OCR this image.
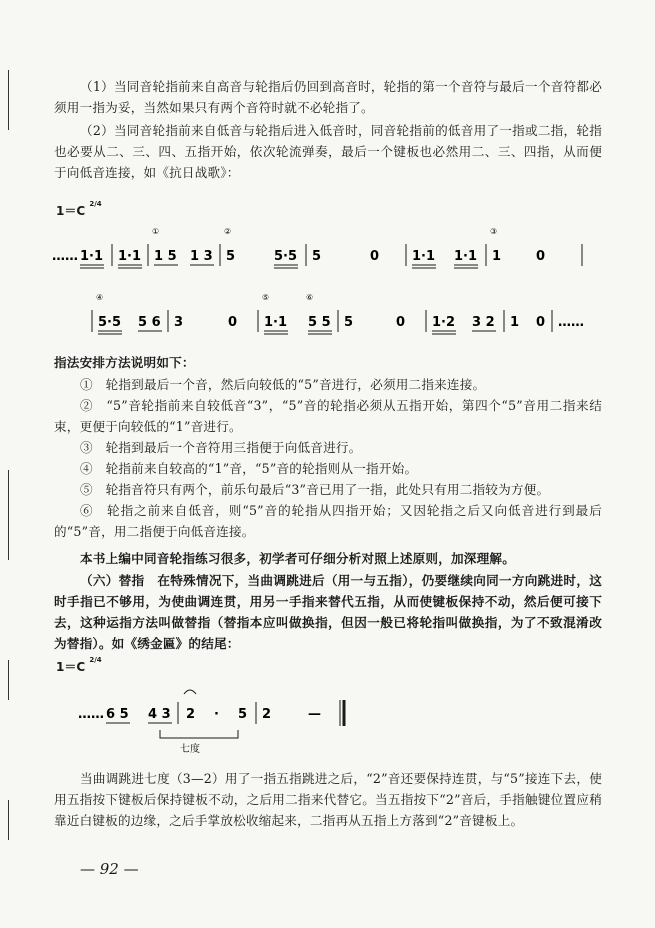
（1）当同音轮指前来自高音与轮指后仍回到高音时，轮指的第一个音符与最后一个音符都必须用一指为妥，当然如果只有两个音符时就不必轮指了。
（2）当同音轮指前来自低音与轮指后进入低音时，同音轮指前的低音用了一指或二指，轮指也必要从二、三、四、五指开始，依次轮流弹奏，最后一个键板也必然用二、三、四指，从而便于向低音连接，如《抗日战歌》：
1＝C $^{2/4}$
…… 1·1 1·1
①
1 5 1 3
②
5	5·5 5	0	1·1 1·1
③
1	0
④
5·5 5 6 3	0
⑤
1·1
⑥
5 5 5	0 1·2 3 2 1 0 ……
指法安排方法说明如下：
①　轮指到最后一个音，然后向较低的“5”音进行，必须用二指来连接。
②　“5”音轮指前来自较低音“3”，“5”音的轮指必须从五指开始，第四个“5”音用二指来结束，更便于向较低的“1”音进行。
③　轮指到最后一个音符用三指便于向低音进行。
④　轮指前来自较高的“1”音，“5”音的轮指则从一指开始。
⑤　轮指音符只有两个，前乐句最后“3”音已用了一指，此处只有用二指较为方便。
⑥　轮指之前来自低音，则“5”音的轮指从四指开始；又因轮指之后又向低音进行到最后的“5”音，用二指便于向低音连接。
本书上编中同音轮指练习很多，初学者可仔细分析对照上述原则，加深理解。
（六）替指　 在特殊情况下，当曲调跳进后（用一与五指），仍要继续向同一方向跳进时，这时手指已不够用，为使曲调连贯，用另一手指来替代五指，从而使键板保持不动，然后便可接下去，这种运指方法叫做替指（替指本应叫做换指，但因一般已将轮指叫做换指，为了不致混淆改为替指）。如《绣金匾》的结尾：
1＝C $^{2/4}$
…… 6 5 4 3 2 · 5 2	—
七度
当曲调跳进七度（3—2）用了一指五指跳进之后，“2”音还要保持连贯，与“5”接连下去，使用五指按下键板后保持键板不动，之后用二指来代替它。当五指按下“2”音后，手指触键位置应稍靠近白键板的边缘，之后手掌放松收缩起来，二指再从五指上方落到“2”音键板上。
— 92 —
